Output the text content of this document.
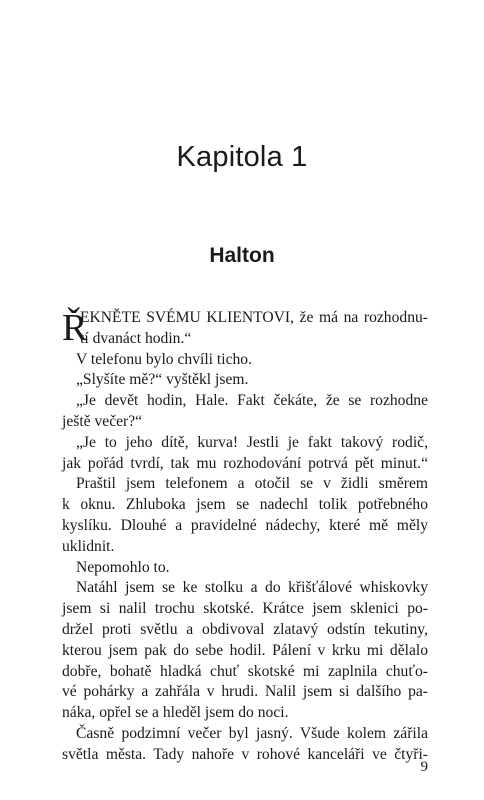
Kapitola 1
Halton
Ř
EKNĚTE SVÉMU KLIENTOVI, že má na rozhodnu-
tí dvanáct hodin.“
V telefonu bylo chvíli ticho.
„Slyšíte mě?“ vyštěkl jsem.
„Je devět hodin, Hale. Fakt čekáte, že se rozhodne
ještě večer?“
„Je to jeho dítě, kurva! Jestli je fakt takový rodič,
jak pořád tvrdí, tak mu rozhodování potrvá pět minut.“
Praštil jsem telefonem a otočil se v židli směrem
k oknu. Zhluboka jsem se nadechl tolik potřebného
kyslíku. Dlouhé a pravidelné nádechy, které mě měly
uklidnit.
Nepomohlo to.
Natáhl jsem se ke stolku a do křišťálové whiskovky
jsem si nalil trochu skotské. Krátce jsem sklenici po-
držel proti světlu a obdivoval zlatavý odstín tekutiny,
kterou jsem pak do sebe hodil. Pálení v krku mi dělalo
dobře, bohatě hladká chuť skotské mi zaplnila chuťo-
vé pohárky a zahřála v hrudi. Nalil jsem si dalšího pa-
náka, opřel se a hleděl jsem do noci.
Časně podzimní večer byl jasný. Všude kolem zářila
světla města. Tady nahoře v rohové kanceláři ve čtyři-
9
